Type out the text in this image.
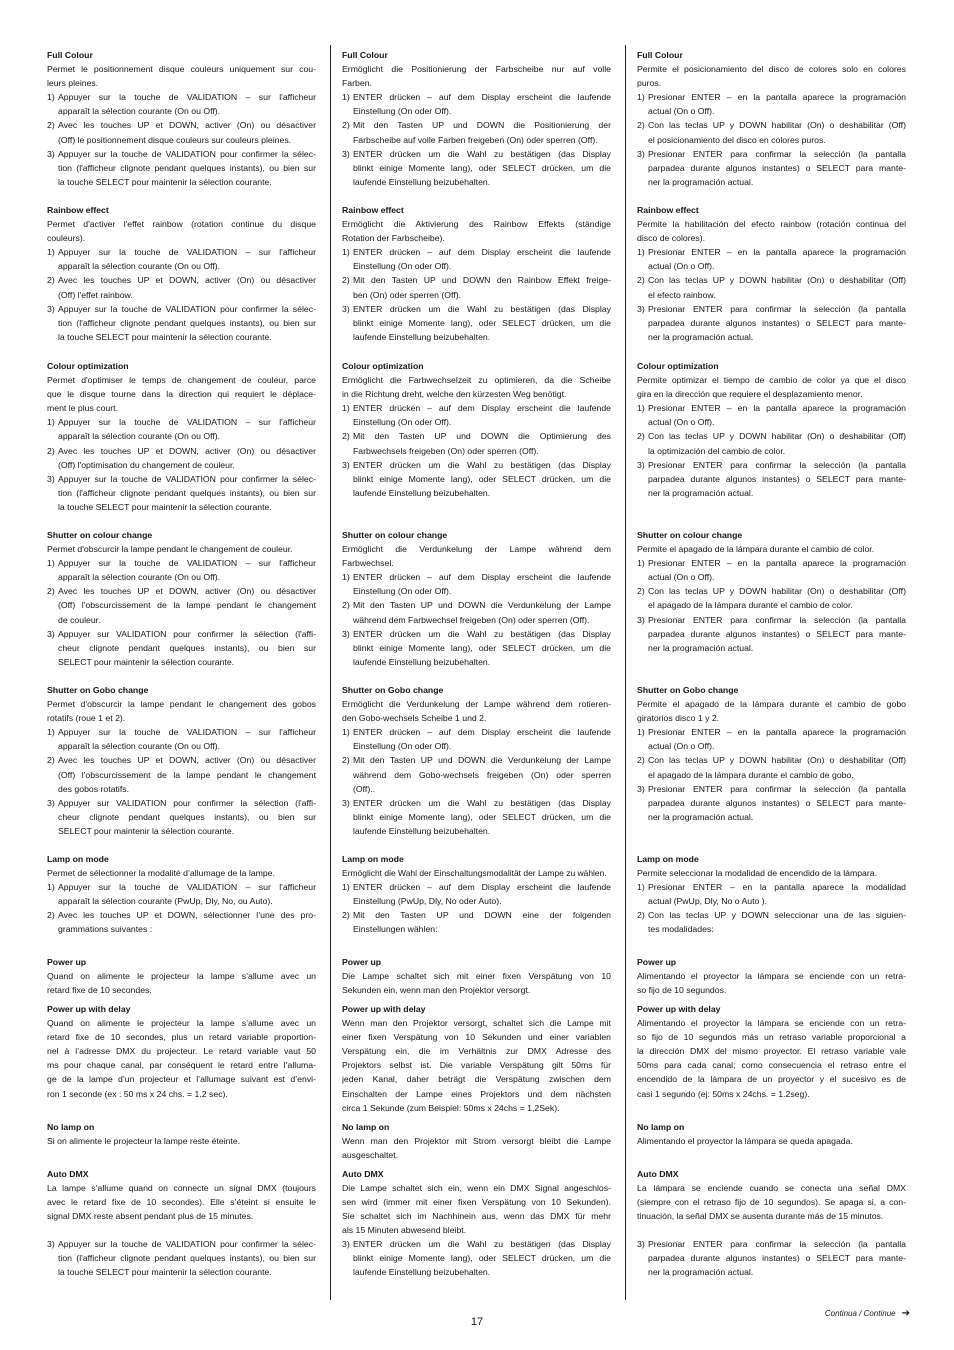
17
Continua / Continue ➔
Full Colour
Permet le positionnement disque couleurs uniquement sur cou-
leurs pleines.
1) Appuyer sur la touche de VALIDATION – sur l'afficheur
apparaît la sélection courante (On ou Off).
2) Avec les touches UP et DOWN, activer (On) ou désactiver
(Off) le positionnement disque couleurs sur couleurs pleines.
3) Appuyer sur la touche de VALIDATION pour confirmer la sélec-
tion (l'afficheur clignote pendant quelques instants), ou bien sur
la touche SELECT pour maintenir la sélection courante.
Rainbow effect
Permet d'activer l'effet rainbow (rotation continue du disque
couleurs).
1) Appuyer sur la touche de VALIDATION – sur l'afficheur
apparaît la sélection courante (On ou Off).
2) Avec les touches UP et DOWN, activer (On) ou désactiver
(Off) l'effet rainbow.
3) Appuyer sur la touche de VALIDATION pour confirmer la sélec-
tion (l'afficheur clignote pendant quelques instants), ou bien sur
la touche SELECT pour maintenir la sélection courante.
Colour optimization
Permet d'optimiser le temps de changement de couleur, parce
que le disque tourne dans la direction qui requiert le déplace-
ment le plus court.
1) Appuyer sur la touche de VALIDATION – sur l'afficheur
apparaît la sélection courante (On ou Off).
2) Avec les touches UP et DOWN, activer (On) ou désactiver
(Off) l'optimisation du changement de couleur.
3) Appuyer sur la touche de VALIDATION pour confirmer la sélec-
tion (l'afficheur clignote pendant quelques instants), ou bien sur
la touche SELECT pour maintenir la sélection courante.
Shutter on colour change
Permet d'obscurcir la lampe pendant le changement de couleur.
1) Appuyer sur la touche de VALIDATION – sur l'afficheur
apparaît la sélection courante (On ou Off).
2) Avec les touches UP et DOWN, activer (On) ou désactiver
(Off) l'obscurcissement de la lampe pendant le changement
de couleur.
3) Appuyer sur VALIDATION pour confirmer la sélection (l'affi-
cheur clignote pendant quelques instants), ou bien sur
SELECT pour maintenir la sélection courante.
Shutter on Gobo change
Permet d'obscurcir la lampe pendant le changement des gobos
rotatifs (roue 1 et 2).
1) Appuyer sur la touche de VALIDATION – sur l'afficheur
apparaît la sélection courante (On ou Off).
2) Avec les touches UP et DOWN, activer (On) ou désactiver
(Off) l'obscurcissement de la lampe pendant le changement
des gobos rotatifs.
3) Appuyer sur VALIDATION pour confirmer la sélection (l'affi-
cheur clignote pendant quelques instants), ou bien sur
SELECT pour maintenir la sélection courante.
Lamp on mode
Permet de sélectionner la modalité d’allumage de la lampe.
1) Appuyer sur la touche de VALIDATION – sur l'afficheur
apparaît la sélection courante (PwUp, Dly, No, ou Auto).
2) Avec les touches UP et DOWN, sélectionner l’une des pro-
grammations suivantes :
Power up
Quand on alimente le projecteur la lampe s’allume avec un
retard fixe de 10 secondes.
Power up with delay
Quand on alimente le projecteur la lampe s’allume avec un
retard fixe de 10 secondes, plus un retard variable proportion-
nel à l’adresse DMX du projecteur. Le retard variable vaut 50
ms pour chaque canal, par conséquent le retard entre l’alluma-
ge de la lampe d’un projecteur et l’allumage suivant est d’envi-
ron 1 seconde (ex : 50 ms x 24 chs. = 1.2 sec).
No lamp on
Si on alimente le projecteur la lampe reste éteinte.
Auto DMX
La lampe s’allume quand on connecte un signal DMX (toujours
avec le retard fixe de 10 secondes). Elle s’éteint si ensuite le
signal DMX reste absent pendant plus de 15 minutes.
3) Appuyer sur la touche de VALIDATION pour confirmer la sélec-
tion (l'afficheur clignote pendant quelques instants), ou bien sur
la touche SELECT pour maintenir la sélection courante.
Full Colour
Ermöglicht die Positionierung der Farbscheibe nur auf volle
Farben.
1) ENTER drücken – auf dem Display erscheint die laufende
Einstellung (On oder Off).
2) Mit den Tasten UP und DOWN die Positionierung der
Farbscheibe auf volle Farben freigeben (On) oder sperren (Off).
3) ENTER drücken um die Wahl zu bestätigen (das Display
blinkt einige Momente lang), oder SELECT drücken, um die
laufende Einstellung beizubehalten.
Rainbow effect
Ermöglicht die Aktivierung des Rainbow Effekts (ständige
Rotation der Farbscheibe).
1) ENTER drücken – auf dem Display erscheint die laufende
Einstellung (On oder Off).
2) Mit den Tasten UP und DOWN den Rainbow Effekt freige-
ben (On) oder sperren (Off).
3) ENTER drücken um die Wahl zu bestätigen (das Display
blinkt einige Momente lang), oder SELECT drücken, um die
laufende Einstellung beizubehalten.
Colour optimization
Ermöglicht die Farbwechselzeit zu optimieren, da die Scheibe
in die Richtung dreht, welche den kürzesten Weg benötigt.
1) ENTER drücken – auf dem Display erscheint die laufende
Einstellung (On oder Off).
2) Mit den Tasten UP und DOWN die Optimierung des
Farbwechsels freigeben (On) oder sperren (Off).
3) ENTER drücken um die Wahl zu bestätigen (das Display
blinkt einige Momente lang), oder SELECT drücken, um die
laufende Einstellung beizubehalten.
Shutter on colour change
Ermöglicht die Verdunkelung der Lampe während dem
Farbwechsel.
1) ENTER drücken – auf dem Display erscheint die laufende
Einstellung (On oder Off).
2) Mit den Tasten UP und DOWN die Verdunkelung der Lampe
während dem Farbwechsel freigeben (On) oder sperren (Off).
3) ENTER drücken um die Wahl zu bestätigen (das Display
blinkt einige Momente lang), oder SELECT drücken, um die
laufende Einstellung beizubehalten.
Shutter on Gobo change
Ermöglicht die Verdunkelung der Lampe während dem rotieren-
den Gobo-wechsels Scheibe 1 und 2.
1) ENTER drücken – auf dem Display erscheint die laufende
Einstellung (On oder Off).
2) Mit den Tasten UP und DOWN die Verdunkelung der Lampe
während dem Gobo-wechsels freigeben (On) oder sperren
(Off)..
3) ENTER drücken um die Wahl zu bestätigen (das Display
blinkt einige Momente lang), oder SELECT drücken, um die
laufende Einstellung beizubehalten.
Lamp on mode
Ermöglicht die Wahl der Einschaltungsmodalität der Lampe zu wählen.
1) ENTER drücken – auf dem Display erscheint die laufende
Einstellung (PwUp, Dly, No oder Auto).
2) Mit den Tasten UP und DOWN eine der folgenden
Einstellungen wählen:
Power up
Die Lampe schaltet sich mit einer fixen Verspätung von 10
Sekunden ein, wenn man den Projektor versorgt.
Power up with delay
Wenn man den Projektor versorgt, schaltet sich die Lampe mit
einer fixen Verspätung von 10 Sekunden und einer variablen
Verspätung ein, die im Verhältnis zur DMX Adresse des
Projektors selbst ist. Die variable Verspätung gilt 50ms für
jeden Kanal, daher beträgt die Verspätung zwischen dem
Einschalten der Lampe eines Projektors und dem nächsten
circa 1 Sekunde (zum Beispiel: 50ms x 24chs = 1,2Sek).
No lamp on
Wenn man den Projektor mit Strom versorgt bleibt die Lampe
ausgeschaltet.
Auto DMX
Die Lampe schaltet sich ein, wenn ein DMX Signal angeschlos-
sen wird (immer mit einer fixen Verspätung von 10 Sekunden).
Sie schaltet sich im Nachhinein aus, wenn das DMX für mehr
als 15 Minuten abwesend bleibt.
3) ENTER drücken um die Wahl zu bestätigen (das Display
blinkt einige Momente lang), oder SELECT drücken, um die
laufende Einstellung beizubehalten.
Full Colour
Permite el posicionamiento del disco de colores solo en colores
puros.
1) Presionar ENTER – en la pantalla aparece la programación
actual (On o Off).
2) Con las teclas UP y DOWN habilitar (On) o deshabilitar (Off)
el posicionamiento del disco en colores puros.
3) Presionar ENTER para confirmar la selección (la pantalla
parpadea durante algunos instantes) o SELECT para mante-
ner la programación actual.
Rainbow effect
Permite la habilitación del efecto rainbow (rotación continua del
disco de colores).
1) Presionar ENTER – en la pantalla aparece la programación
actual (On o Off).
2) Con las teclas UP y DOWN habilitar (On) o deshabilitar (Off)
el efecto rainbow.
3) Presionar ENTER para confirmar la selección (la pantalla
parpadea durante algunos instantes) o SELECT para mante-
ner la programación actual.
Colour optimization
Permite optimizar el tiempo de cambio de color ya que el disco
gira en la dirección que requiere el desplazamiento menor.
1) Presionar ENTER – en la pantalla aparece la programación
actual (On o Off).
2) Con las teclas UP y DOWN habilitar (On) o deshabilitar (Off)
la optimización del cambio de color.
3) Presionar ENTER para confirmar la selección (la pantalla
parpadea durante algunos instantes) o SELECT para mante-
ner la programación actual.
Shutter on colour change
Permite el apagado de la lámpara durante el cambio de color.
1) Presionar ENTER – en la pantalla aparece la programación
actual (On o Off).
2) Con las teclas UP y DOWN habilitar (On) o deshabilitar (Off)
el apagado de la lámpara durante el cambio de color.
3) Presionar ENTER para confirmar la selección (la pantalla
parpadea durante algunos instantes) o SELECT para mante-
ner la programación actual.
Shutter on Gobo change
Permite el apagado de la lámpara durante el cambio de gobo
giratorios disco 1 y 2.
1) Presionar ENTER – en la pantalla aparece la programación
actual (On o Off).
2) Con las teclas UP y DOWN habilitar (On) o deshabilitar (Off)
el apagado de la lámpara durante el cambio de gobo.
3) Presionar ENTER para confirmar la selección (la pantalla
parpadea durante algunos instantes) o SELECT para mante-
ner la programación actual.
Lamp on mode
Permite seleccionar la modalidad de encendido de la lámpara.
1) Presionar ENTER – en la pantalla aparece la modalidad
actual (PwUp, Dly, No o Auto ).
2) Con las teclas UP y DOWN seleccionar una de las siguien-
tes modalidades:
Power up
Alimentando el proyector la lámpara se enciende con un retra-
so fijo de 10 segundos.
Power up with delay
Alimentando el proyector la lámpara se enciende con un retra-
so fijo de 10 segundos más un retraso variable proporcional a
la dirección DMX del mismo proyector. El retraso variable vale
50ms para cada canal; como consecuencia el retraso entre el
encendido de la lámpara de un proyector y el sucesivo es de
casi 1 segundo (ej: 50ms x 24chs. = 1.2seg).
No lamp on
Alimentando el proyector la lámpara se queda apagada.
Auto DMX
La lámpara se enciende cuando se conecta una señal DMX
(siempre con el retraso fijo de 10 segundos). Se apaga si, a con-
tinuación, la señal DMX se ausenta durante más de 15 minutos.
3) Presionar ENTER para confirmar la selección (la pantalla
parpadea durante algunos instantes) o SELECT para mante-
ner la programación actual.
